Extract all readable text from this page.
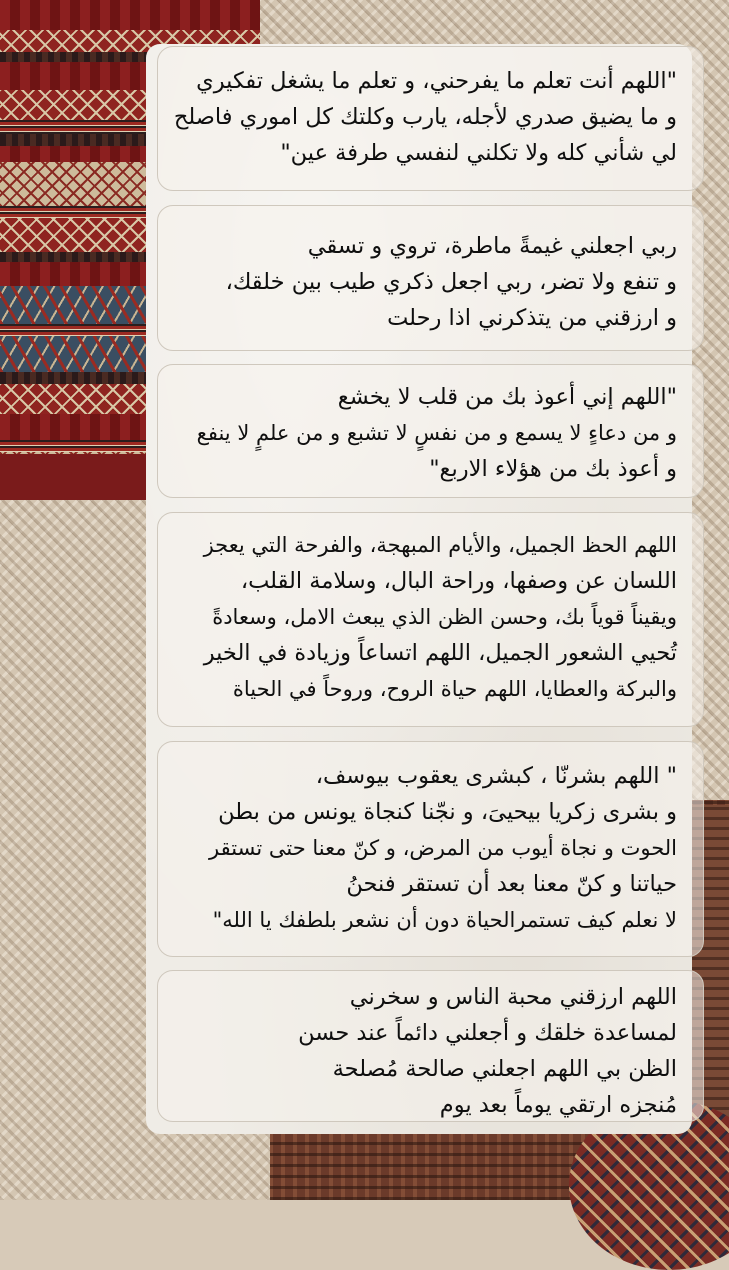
"اللهم أنت تعلم ما يفرحني، و تعلم ما يشغل تفكيري

و ما يضيق صدري لأجله، يارب وكلتك كل اموري فاصلح

لي شأني كله ولا تكلني لنفسي طرفة عين"

ربي اجعلني غيمةً ماطرة، تروي و تسقي

و تنفع ولا تضر، ربي اجعل ذكري طيب بين خلقك،

و ارزقني من يتذكرني اذا رحلت

"اللهم إني أعوذ بك من قلب لا يخشع

و من دعاءٍ لا يسمع و من نفسٍ لا تشبع و من علمٍ لا ينفع

و أعوذ بك من هؤلاء الاربع"

اللهم الحظ الجميل، والأيام المبهجة، والفرحة التي يعجز

اللسان عن وصفها، وراحة البال، وسلامة القلب،

ويقيناً قوياً بك، وحسن الظن الذي يبعث الامل، وسعادةً

تُحيي الشعور الجميل، اللهم اتساعاً وزيادة في الخير

والبركة والعطايا، اللهم حياة الروح، وروحاً في الحياة

" اللهم بشرنّا ، كبشرى يعقوب بيوسف،

و بشرى زكريا بيحيىَ، و نجّنا كنجاة يونس من بطن

الحوت و نجاة أيوب من المرض، و كنّ معنا حتى تستقر

حياتنا و كنّ معنا بعد أن تستقر فنحنُ

لا نعلم كيف تستمرالحياة دون أن نشعر بلطفك يا الله"

اللهم ارزقني محبة الناس و سخرني

لمساعدة خلقك و أجعلني دائماً عند حسن

الظن بي اللهم اجعلني صالحة مُصلحة

مُنجزه ارتقي يوماً بعد يوم
